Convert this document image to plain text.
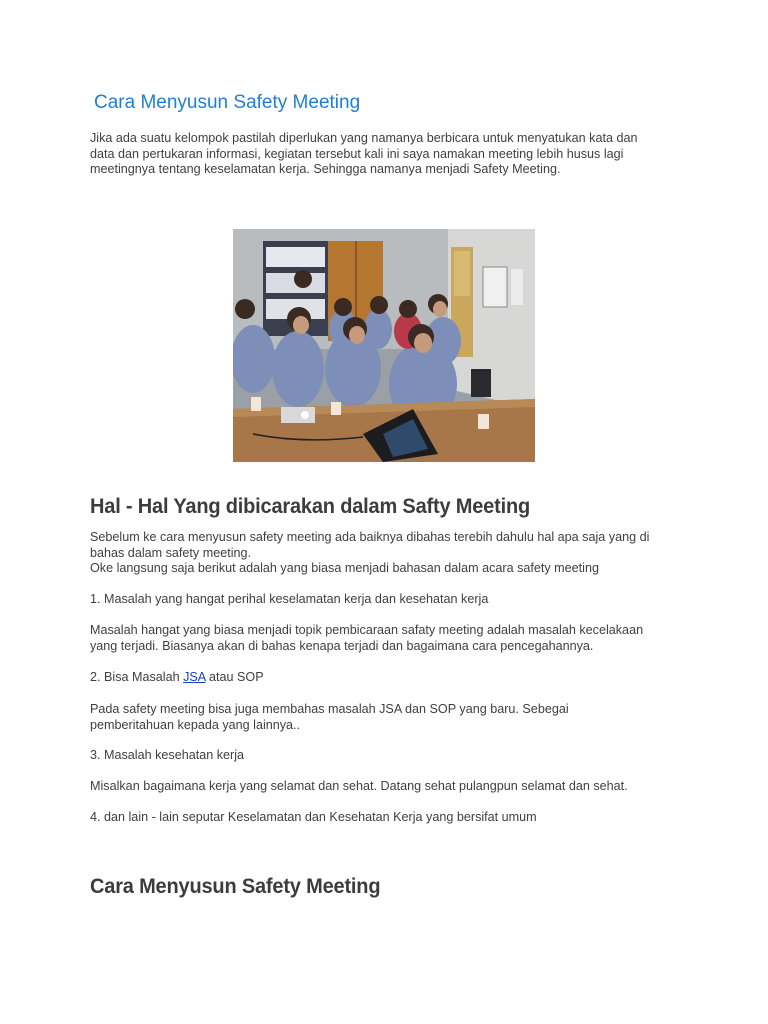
Cara Menyusun Safety Meeting

Jika ada suatu kelompok pastilah diperlukan yang namanya berbicara untuk menyatukan kata dan
data dan pertukaran informasi, kegiatan tersebut kali ini saya namakan meeting lebih husus lagi
meetingnya tentang keselamatan kerja. Sehingga namanya menjadi Safety Meeting.

Hal - Hal Yang dibicarakan dalam Safty Meeting

Sebelum ke cara menyusun safety meeting ada baiknya dibahas terebih dahulu hal apa saja yang di
bahas dalam safety meeting.
Oke langsung saja berikut adalah yang biasa menjadi bahasan dalam acara safety meeting

1. Masalah yang hangat perihal keselamatan kerja dan kesehatan kerja

Masalah hangat yang biasa menjadi topik pembicaraan safaty meeting adalah masalah kecelakaan
yang terjadi. Biasanya akan di bahas kenapa terjadi dan bagaimana cara pencegahannya.

2. Bisa Masalah JSA atau SOP

Pada safety meeting bisa juga membahas masalah JSA dan SOP yang baru. Sebegai
pemberitahuan kepada yang lainnya..

3. Masalah kesehatan kerja

Misalkan bagaimana kerja yang selamat dan sehat. Datang sehat pulangpun selamat dan sehat.

4. dan lain - lain seputar Keselamatan dan Kesehatan Kerja yang bersifat umum

Cara Menyusun Safety Meeting
